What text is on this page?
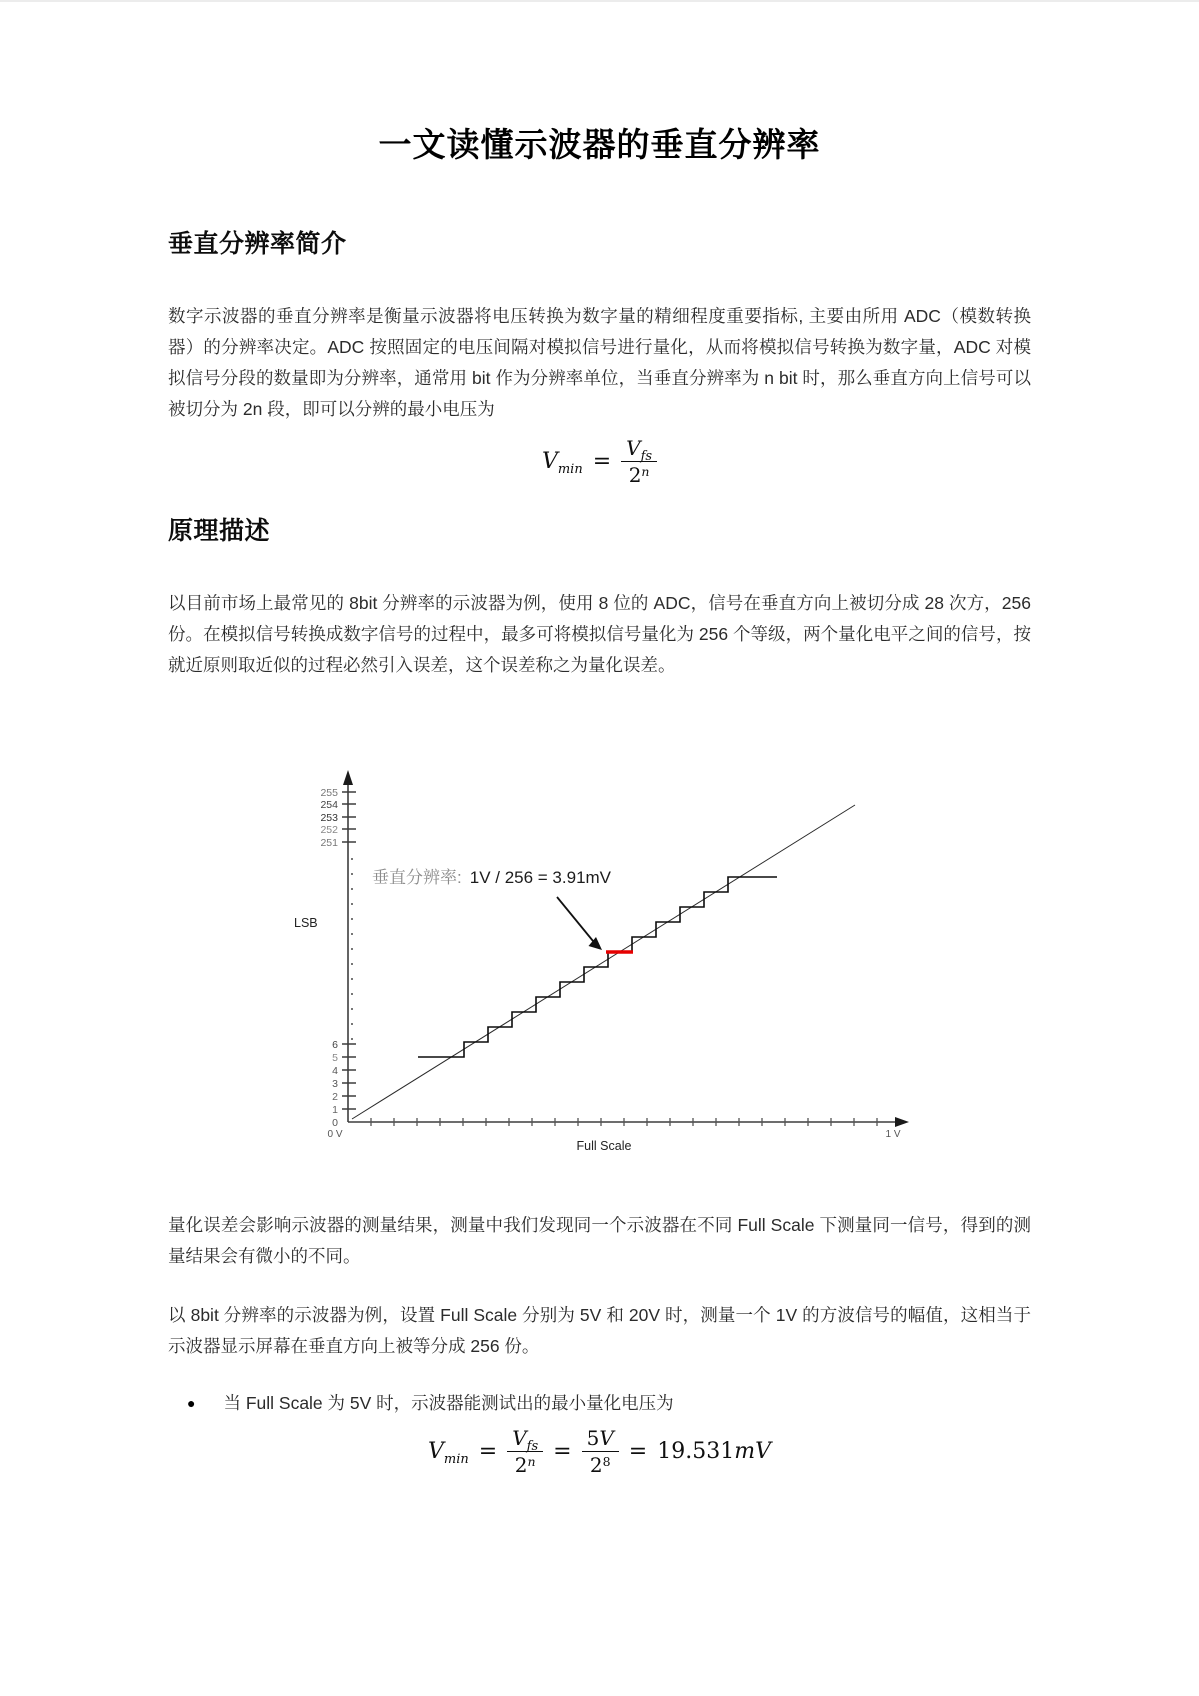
一文读懂示波器的垂直分辨率
垂直分辨率简介

数字示波器的垂直分辨率是衡量示波器将电压转换为数字量的精细程度重要指标, 主要由所用 ADC（模数转换器）的分辨率决定。ADC 按照固定的电压间隔对模拟信号进行量化，从而将模拟信号转换为数字量，ADC 对模拟信号分段的数量即为分辨率，通常用 bit 作为分辨率单位，当垂直分辨率为 n bit 时，那么垂直方向上信号可以被切分为 2n 段，即可以分辨的最小电压为

$V_{min} = \frac{V_{fs}}{2^n}$
原理描述

以目前市场上最常见的 8bit 分辨率的示波器为例，使用 8 位的 ADC，信号在垂直方向上被切分成 28 次方，256 份。在模拟信号转换成数字信号的过程中，最多可将模拟信号量化为 256 个等级，两个量化电平之间的信号，按就近原则取近似的过程必然引入误差，这个误差称之为量化误差。

255
254
253
252
251
6
5
4
3
2
1
0
LSB
0 V	1 V
Full Scale
垂直分辨率: 1V / 256 = 3.91mV

量化误差会影响示波器的测量结果，测量中我们发现同一个示波器在不同 Full Scale 下测量同一信号，得到的测量结果会有微小的不同。

以 8bit 分辨率的示波器为例，设置 Full Scale 分别为 5V 和 20V 时，测量一个 1V 的方波信号的幅值，这相当于示波器显示屏幕在垂直方向上被等分成 256 份。

● 当 Full Scale 为 5V 时，示波器能测试出的最小量化电压为
$V_{min} = \frac{V_{fs}}{2^n} = \frac{5V}{2^8} = 19.531mV$
